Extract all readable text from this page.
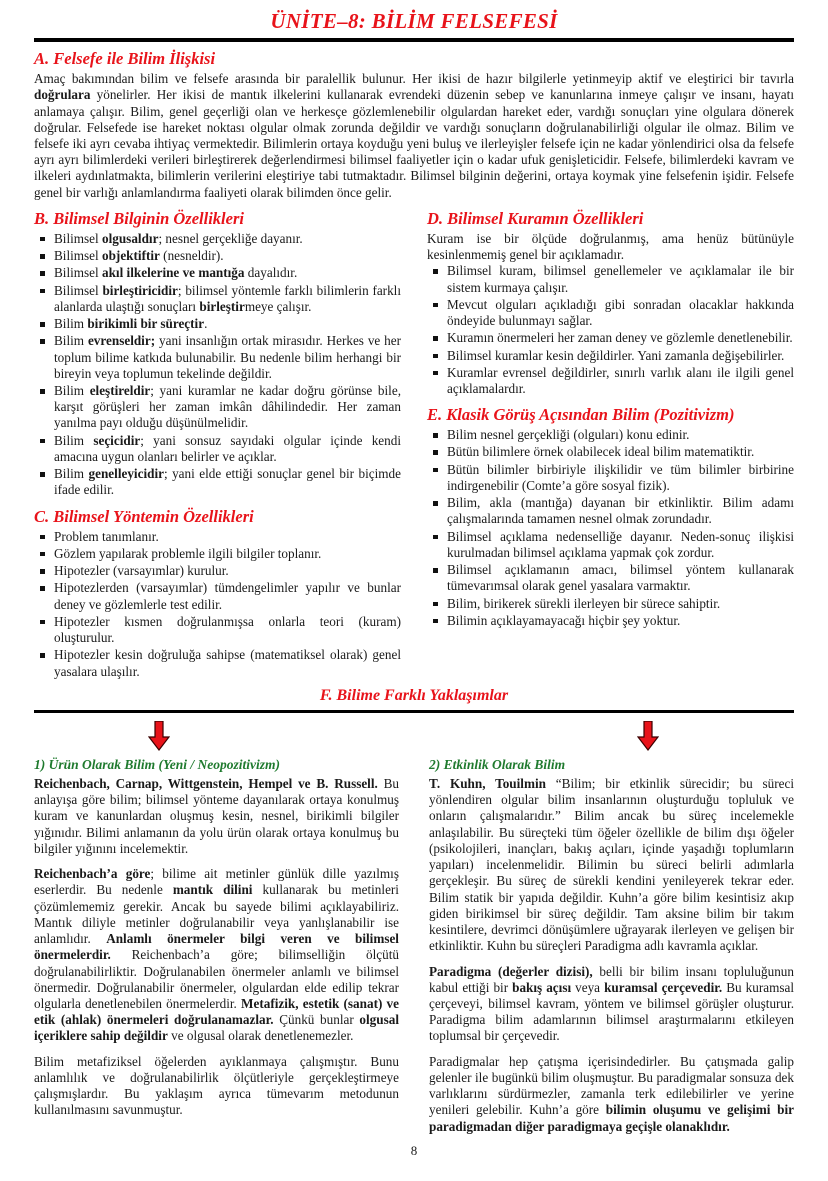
ÜNİTE–8: BİLİM FELSEFESİ
A. Felsefe ile Bilim İlişkisi

Amaç bakımından bilim ve felsefe arasında bir paralellik bulunur. Her ikisi de hazır bilgilerle yetinmeyip aktif ve eleştirici bir tavırla doğrulara yönelirler. Her ikisi de mantık ilkelerini kullanarak evrendeki düzenin sebep ve kanunlarına inmeye çalışır ve insanı, hayatı anlamaya çalışır. Bilim, genel geçerliği olan ve herkesçe gözlemlenebilir olgulardan hareket eder, vardığı sonuçları yine olgulara dönerek doğrular. Felsefede ise hareket noktası olgular olmak zorunda değildir ve vardığı sonuçların doğrulanabilirliği olgular ile olmaz. Bilim ve felsefe iki ayrı cevaba ihtiyaç vermektedir. Bilimlerin ortaya koyduğu yeni buluş ve ilerleyişler felsefe için ne kadar yönlendirici olsa da felsefe ayrı ayrı bilimlerdeki verileri birleştirerek değerlendirmesi bilimsel faaliyetler için o kadar ufuk genişleticidir. Felsefe, bilimlerdeki kavram ve ilkeleri aydınlatmakta, bilimlerin verilerini eleştiriye tabi tutmaktadır. Bilimsel bilginin değerini, ortaya koymak yine felsefenin işidir. Felsefe genel bir varlığı anlamlandırma faaliyeti olarak bilimden önce gelir.

B. Bilimsel Bilginin Özellikleri
Bilimsel olgusaldır; nesnel gerçekliğe dayanır.
Bilimsel objektiftir (nesneldir).
Bilimsel akıl ilkelerine ve mantığa dayalıdır.
Bilimsel birleştiricidir; bilimsel yöntemle farklı bilimlerin farklı alanlarda ulaştığı sonuçları birleştirmeye çalışır.
Bilim birikimli bir süreçtir.
Bilim evrenseldir; yani insanlığın ortak mirasıdır. Herkes ve her toplum bilime katkıda bulunabilir. Bu nedenle bilim herhangi bir bireyin veya toplumun tekelinde değildir.
Bilim eleştireldir; yani kuramlar ne kadar doğru görünse bile, karşıt görüşleri her zaman imkân dâhilindedir. Her zaman yanılma payı olduğu düşünülmelidir.
Bilim seçicidir; yani sonsuz sayıdaki olgular içinde kendi amacına uygun olanları belirler ve açıklar.
Bilim genelleyicidir; yani elde ettiği sonuçlar genel bir biçimde ifade edilir.
C. Bilimsel Yöntemin Özellikleri
Problem tanımlanır.
Gözlem yapılarak problemle ilgili bilgiler toplanır.
Hipotezler (varsayımlar) kurulur.
Hipotezlerden (varsayımlar) tümdengelimler yapılır ve bunlar deney ve gözlemlerle test edilir.
Hipotezler kısmen doğrulanmışsa onlarla teori (kuram) oluşturulur.
Hipotezler kesin doğruluğa sahipse (matematiksel olarak) genel yasalara ulaşılır.
D. Bilimsel Kuramın Özellikleri

Kuram ise bir ölçüde doğrulanmış, ama henüz bütünüyle kesinlenmemiş genel bir açıklamadır.

Bilimsel kuram, bilimsel genellemeler ve açıklamalar ile bir sistem kurmaya çalışır.
Mevcut olguları açıkladığı gibi sonradan olacaklar hakkında öndeyide bulunmayı sağlar.
Kuramın önermeleri her zaman deney ve gözlemle denetlenebilir.
Bilimsel kuramlar kesin değildirler. Yani zamanla değişebilirler.
Kuramlar evrensel değildirler, sınırlı varlık alanı ile ilgili genel açıklamalardır.
E. Klasik Görüş Açısından Bilim (Pozitivizm)
Bilim nesnel gerçekliği (olguları) konu edinir.
Bütün bilimlere örnek olabilecek ideal bilim matematiktir.
Bütün bilimler birbiriyle ilişkilidir ve tüm bilimler birbirine indirgenebilir (Comte’a göre sosyal fizik).
Bilim, akla (mantığa) dayanan bir etkinliktir. Bilim adamı çalışmalarında tamamen nesnel olmak zorundadır.
Bilimsel açıklama nedenselliğe dayanır. Neden-sonuç ilişkisi kurulmadan bilimsel açıklama yapmak çok zordur.
Bilimsel açıklamanın amacı, bilimsel yöntem kullanarak tümevarımsal olarak genel yasalara varmaktır.
Bilim, birikerek sürekli ilerleyen bir sürece sahiptir.
Bilimin açıklayamayacağı hiçbir şey yoktur.
F. Bilime Farklı Yaklaşımlar
1) Ürün Olarak Bilim (Yeni / Neopozitivizm)

Reichenbach, Carnap, Wittgenstein, Hempel ve B. Russell. Bu anlayışa göre bilim; bilimsel yönteme dayanılarak ortaya konulmuş kuram ve kanunlardan oluşmuş kesin, nesnel, birikimli bilgiler yığınıdır. Bilimi anlamanın da yolu ürün olarak ortaya konulmuş bu bilgiler yığınını incelemektir.

Reichenbach’a göre; bilime ait metinler günlük dille yazılmış eserlerdir. Bu nedenle mantık dilini kullanarak bu metinleri çözümlememiz gerekir. Ancak bu sayede bilimi açıklayabiliriz. Mantık diliyle metinler doğrulanabilir veya yanlışlanabilir ise anlamlıdır. Anlamlı önermeler bilgi veren ve bilimsel önermelerdir. Reichenbach’a göre; bilimselliğin ölçütü doğrulanabilirliktir. Doğrulanabilen önermeler anlamlı ve bilimsel önermedir. Doğrulanabilir önermeler, olgulardan elde edilip tekrar olgularla denetlenebilen önermelerdir. Metafizik, estetik (sanat) ve etik (ahlak) önermeleri doğrulanamazlar. Çünkü bunlar olgusal içeriklere sahip değildir ve olgusal olarak denetlenemezler.

Bilim metafiziksel öğelerden ayıklanmaya çalışmıştır. Bunu anlamlılık ve doğrulanabilirlik ölçütleriyle gerçekleştirmeye çalışmışlardır. Bu yaklaşım ayrıca tümevarım metodunun kullanılmasını savunmuştur.

2) Etkinlik Olarak Bilim

T. Kuhn, Touilmin “Bilim; bir etkinlik sürecidir; bu süreci yönlendiren olgular bilim insanlarının oluşturduğu topluluk ve onların çalışmalarıdır.” Bilim ancak bu süreç incelemekle anlaşılabilir. Bu süreçteki tüm öğeler özellikle de bilim dışı öğeler (psikolojileri, inançları, bakış açıları, içinde yaşadığı toplumların yapıları) incelenmelidir. Bilimin bu süreci belirli adımlarla gerçekleşir. Bu süreç de sürekli kendini yenileyerek tekrar eder. Bilim statik bir yapıda değildir. Kuhn’a göre bilim kesintisiz akıp giden birikimsel bir süreç değildir. Tam aksine bilim bir takım kesintilere, devrimci dönüşümlere uğrayarak ilerleyen ve gelişen bir etkinliktir. Kuhn bu süreçleri Paradigma adlı kavramla açıklar.

Paradigma (değerler dizisi), belli bir bilim insanı topluluğunun kabul ettiği bir bakış açısı veya kuramsal çerçevedir. Bu kuramsal çerçeveyi, bilimsel kavram, yöntem ve bilimsel görüşler oluşturur. Paradigma bilim adamlarının bilimsel araştırmalarını etkileyen toplumsal bir çerçevedir.

Paradigmalar hep çatışma içerisindedirler. Bu çatışmada galip gelenler ile bugünkü bilim oluşmuştur. Bu paradigmalar sonsuza dek varlıklarını sürdürmezler, zamanla terk edilebilirler ve yerine yenileri gelebilir. Kuhn’a göre bilimin oluşumu ve gelişimi bir paradigmadan diğer paradigmaya geçişle olanaklıdır.

8
